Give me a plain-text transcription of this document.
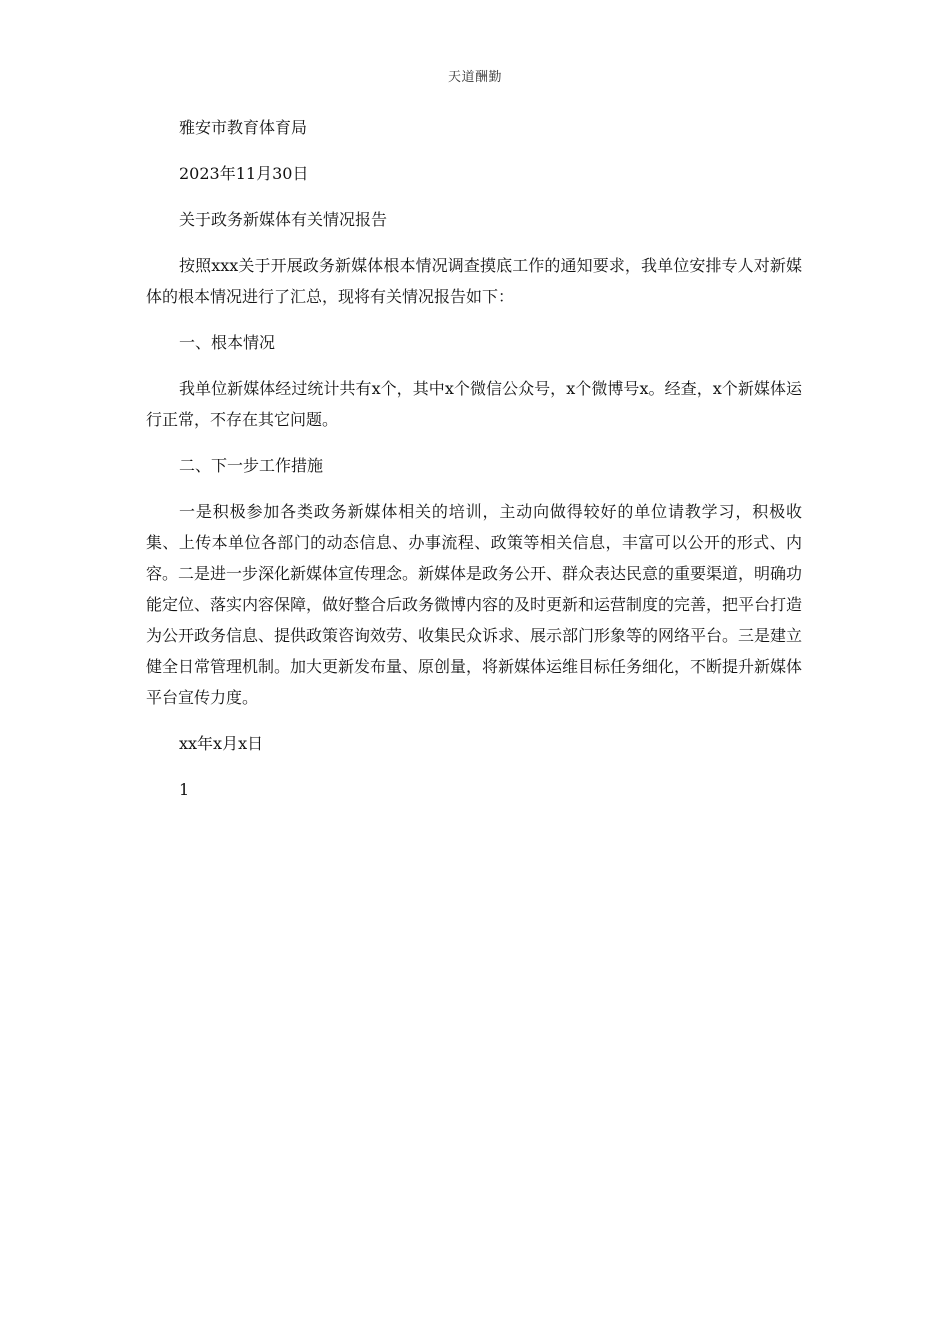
天道酬勤

雅安市教育体育局

2023年11月30日

关于政务新媒体有关情况报告

按照xxx关于开展政务新媒体根本情况调查摸底工作的通知要求，我单位安排专人对新媒体的根本情况进行了汇总，现将有关情况报告如下：

一、根本情况

我单位新媒体经过统计共有x个，其中x个微信公众号，x个微博号x。经查，x个新媒体运行正常，不存在其它问题。

二、下一步工作措施

一是积极参加各类政务新媒体相关的培训，主动向做得较好的单位请教学习，积极收集、上传本单位各部门的动态信息、办事流程、政策等相关信息，丰富可以公开的形式、内容。二是进一步深化新媒体宣传理念。新媒体是政务公开、群众表达民意的重要渠道，明确功能定位、落实内容保障，做好整合后政务微博内容的及时更新和运营制度的完善，把平台打造为公开政务信息、提供政策咨询效劳、收集民众诉求、展示部门形象等的网络平台。三是建立健全日常管理机制。加大更新发布量、原创量，将新媒体运维目标任务细化，不断提升新媒体平台宣传力度。

xx年x月x日

1
